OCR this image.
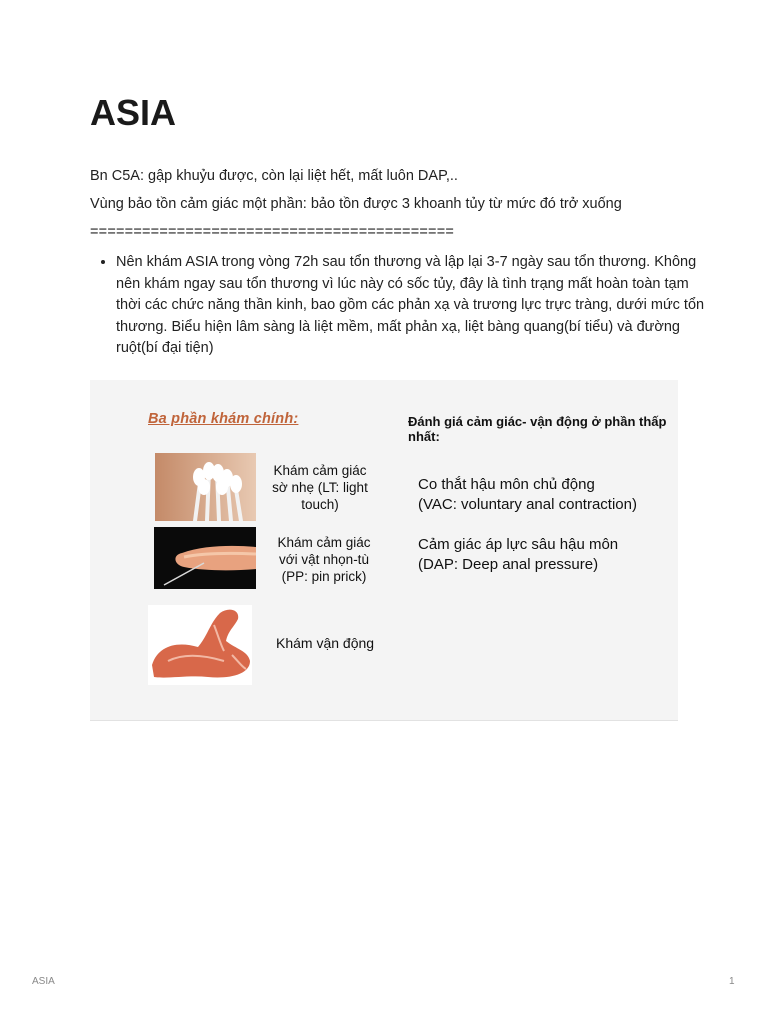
ASIA

Bn C5A: gập khuỷu được, còn lại liệt hết, mất luôn DAP,..

Vùng bảo tồn cảm giác một phần: bảo tồn được 3 khoanh tủy từ mức đó trở xuống

==========================================

• Nên khám ASIA trong vòng 72h sau tổn thương và lập lại 3-7 ngày sau tổn thương. Không nên khám ngay sau tổn thương vì lúc này có sốc tủy, đây là tình trạng mất hoàn toàn tạm thời các chức năng thần kinh, bao gồm các phản xạ và trương lực trực tràng, dưới mức tổn thương. Biểu hiện lâm sàng là liệt mềm, mất phản xạ, liệt bàng quang(bí tiểu) và đường ruột(bí đại tiện)

Ba phần khám chính:	Đánh giá cảm giác- vận động ở phần thấp nhất:

Khám cảm giác
sờ nhẹ (LT: light
touch)

Khám cảm giác
với vật nhọn-tù
(PP: pin prick)

Khám vận động

Co thắt hậu môn chủ động
(VAC: voluntary anal contraction)

Cảm giác áp lực sâu hậu môn
(DAP: Deep anal pressure)

ASIA	1
